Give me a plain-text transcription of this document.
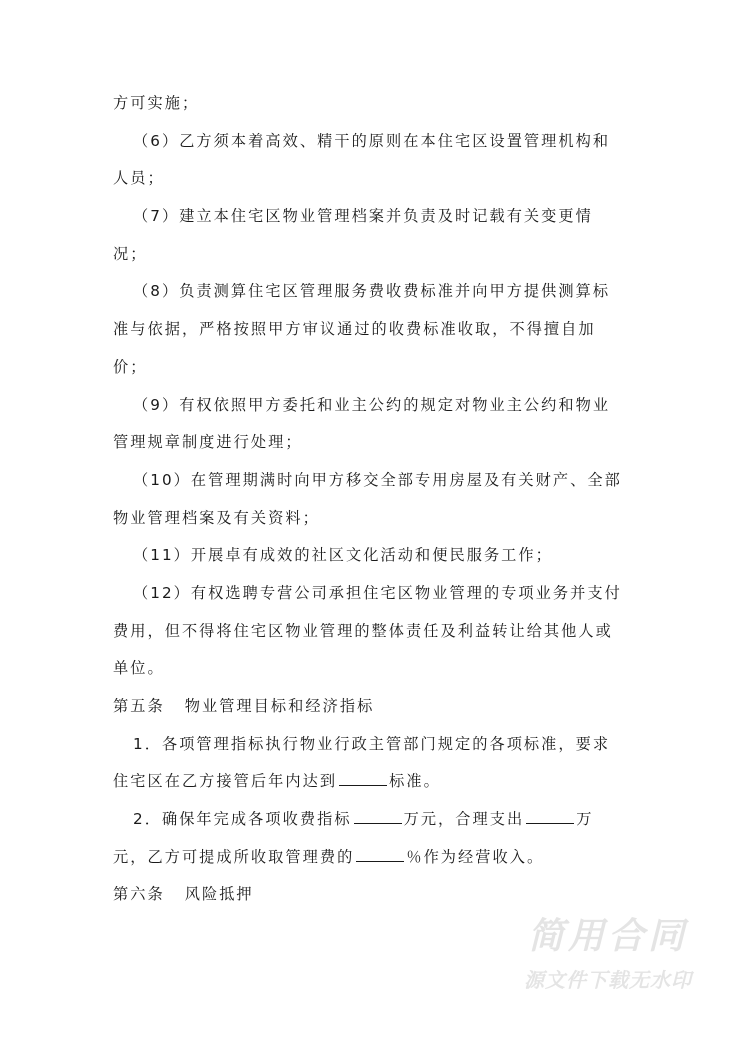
方可实施；
（6）乙方须本着高效、精干的原则在本住宅区设置管理机构和
人员；
（7）建立本住宅区物业管理档案并负责及时记载有关变更情
况；
（8）负责测算住宅区管理服务费收费标准并向甲方提供测算标
准与依据，严格按照甲方审议通过的收费标准收取，不得擅自加
价；
（9）有权依照甲方委托和业主公约的规定对物业主公约和物业
管理规章制度进行处理；
（10）在管理期满时向甲方移交全部专用房屋及有关财产、全部
物业管理档案及有关资料；
（11）开展卓有成效的社区文化活动和便民服务工作；
（12）有权选聘专营公司承担住宅区物业管理的专项业务并支付
费用，但不得将住宅区物业管理的整体责任及利益转让给其他人或
单位。
第五条 物业管理目标和经济指标
1．各项管理指标执行物业行政主管部门规定的各项标准，要求
住宅区在乙方接管后年内达到	标准。
2．确保年完成各项收费指标	万元，合理支出	万
元，乙方可提成所收取管理费的	％作为经营收入。
第六条 风险抵押
简用合同
源文件下载无水印
